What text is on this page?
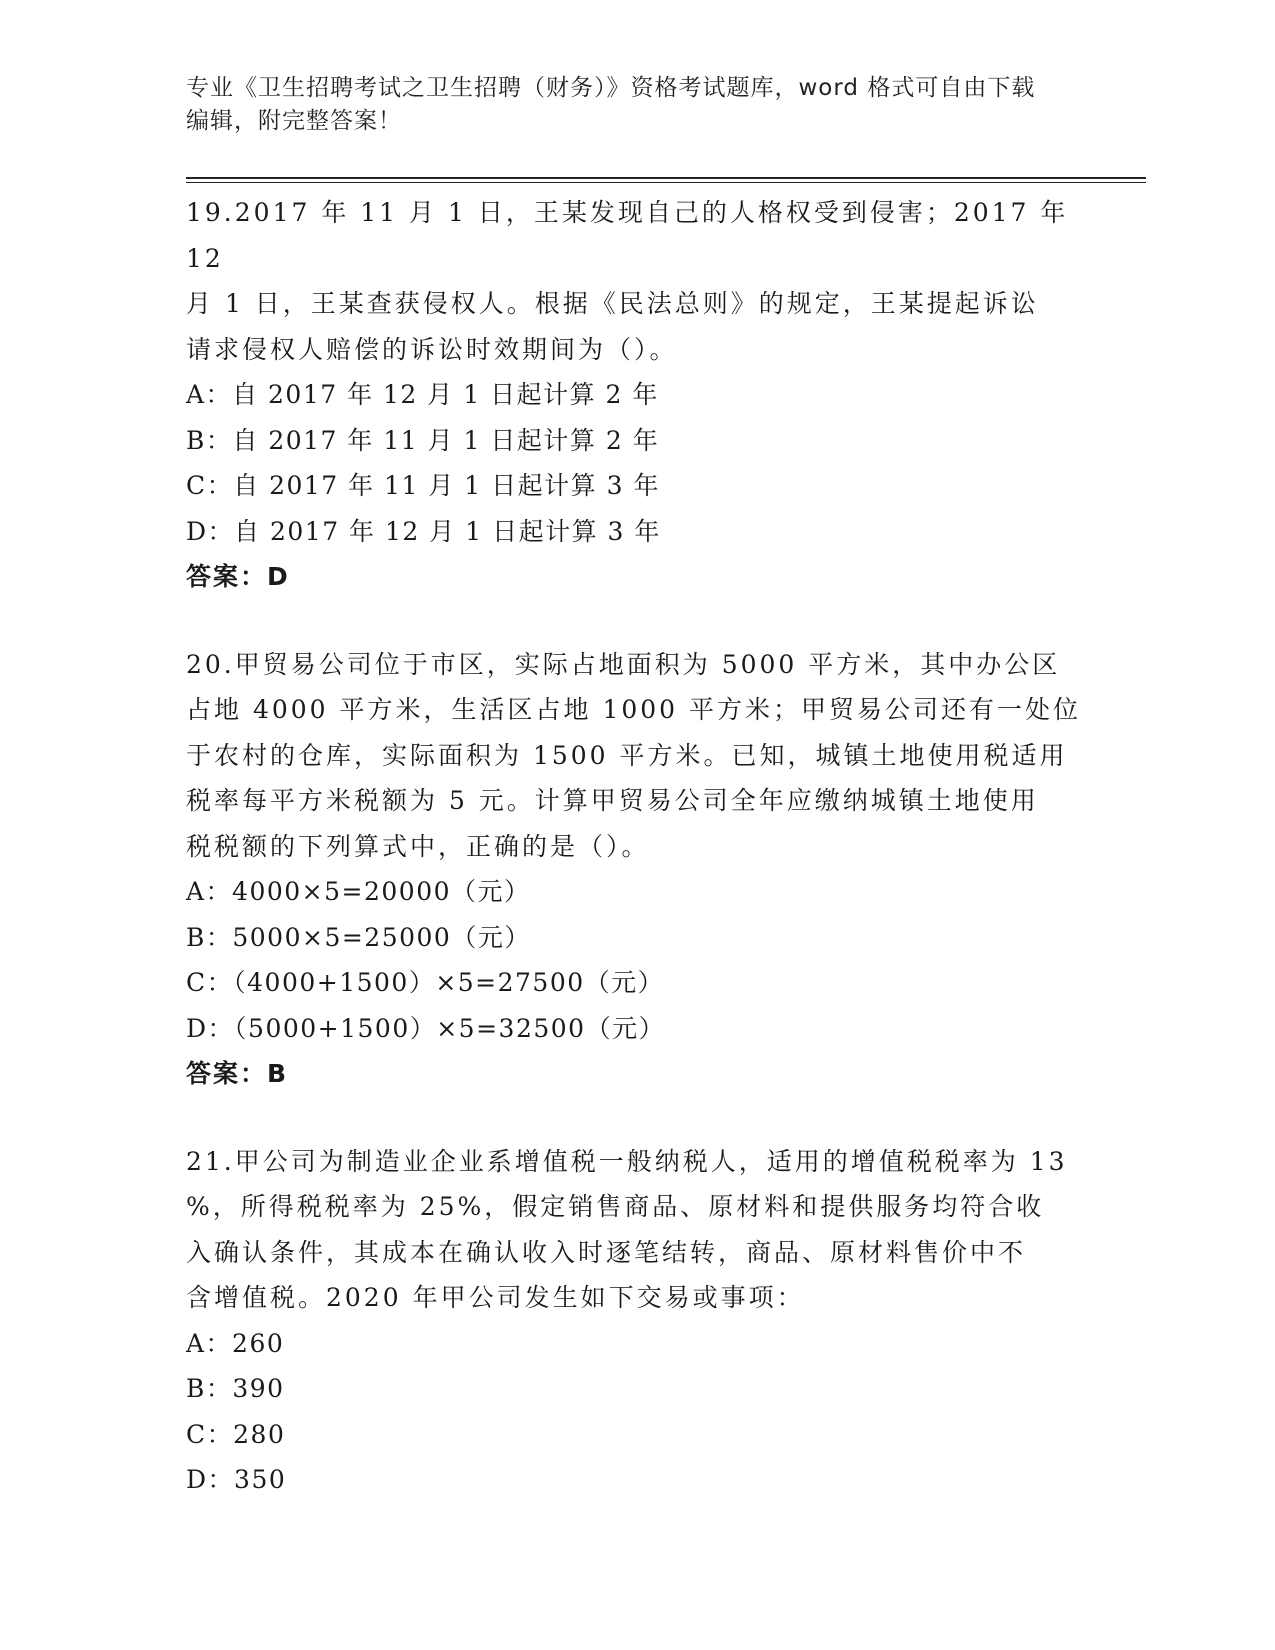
专业《卫生招聘考试之卫生招聘（财务）》资格考试题库，word 格式可自由下载
编辑，附完整答案！

19.2017 年 11 月 1 日，王某发现自己的人格权受到侵害；2017 年 12

月 1 日，王某查获侵权人。根据《民法总则》的规定，王某提起诉讼

请求侵权人赔偿的诉讼时效期间为（）。

A：自 2017 年 12 月 1 日起计算 2 年

B：自 2017 年 11 月 1 日起计算 2 年

C：自 2017 年 11 月 1 日起计算 3 年

D：自 2017 年 12 月 1 日起计算 3 年

答案：D

20.甲贸易公司位于市区，实际占地面积为 5000 平方米，其中办公区

占地 4000 平方米，生活区占地 1000 平方米；甲贸易公司还有一处位

于农村的仓库，实际面积为 1500 平方米。已知，城镇土地使用税适用

税率每平方米税额为 5 元。计算甲贸易公司全年应缴纳城镇土地使用

税税额的下列算式中，正确的是（）。

A：4000×5=20000（元）

B：5000×5=25000（元）

C：（4000+1500）×5=27500（元）

D：（5000+1500）×5=32500（元）

答案：B

21.甲公司为制造业企业系增值税一般纳税人，适用的增值税税率为 13

%，所得税税率为 25%，假定销售商品、原材料和提供服务均符合收

入确认条件，其成本在确认收入时逐笔结转，商品、原材料售价中不

含增值税。2020 年甲公司发生如下交易或事项：

A：260

B：390

C：280

D：350
